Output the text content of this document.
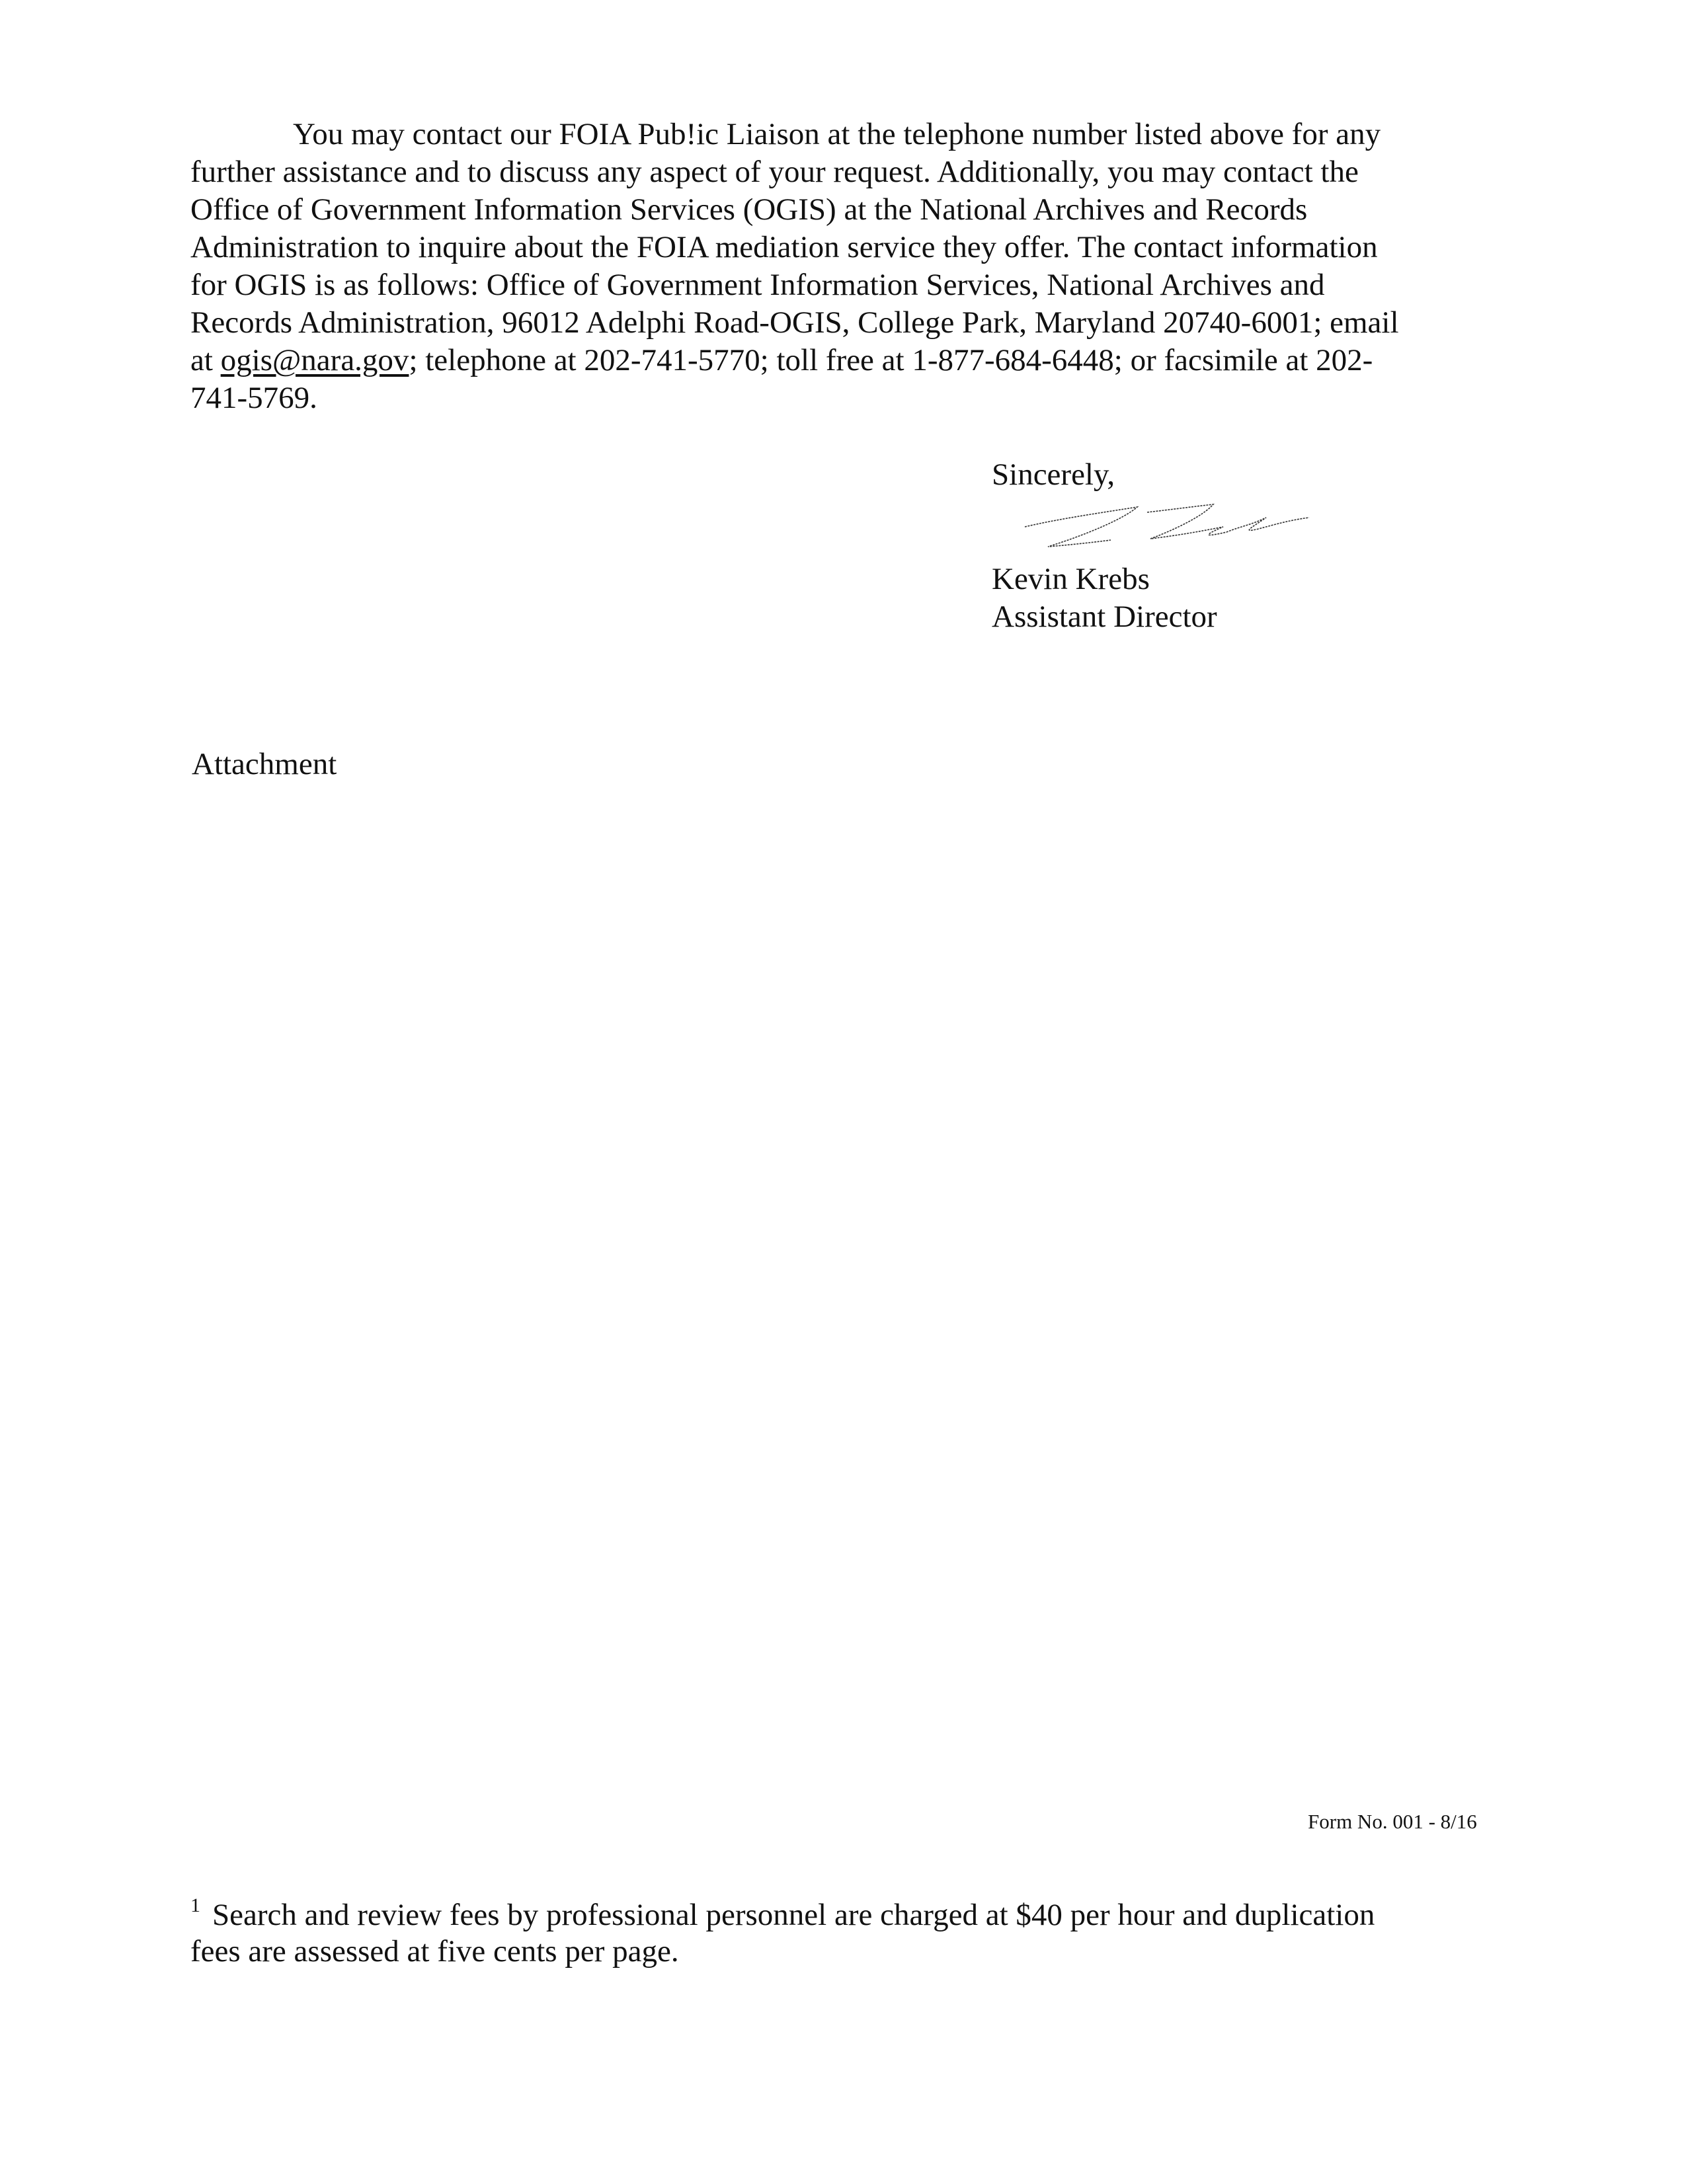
You may contact our FOIA Pub!ic Liaison at the telephone number listed above for any
further assistance and to discuss any aspect of your request. Additionally, you may contact the
Office of Government Information Services (OGIS) at the National Archives and Records
Administration to inquire about the FOIA mediation service they offer. The contact information
for OGIS is as follows: Office of Government Information Services, National Archives and
Records Administration, 96012 Adelphi Road-OGIS, College Park, Maryland 20740-6001; email
at ogis@nara.gov; telephone at 202-741-5770; toll free at 1-877-684-6448; or facsimile at 202-
741-5769.
Sincerely,
Kevin Krebs
Assistant Director
Attachment
Form No. 001 - 8/16
$^1$ Search and review fees by professional personnel are charged at $40 per hour and duplication
fees are assessed at five cents per page.
